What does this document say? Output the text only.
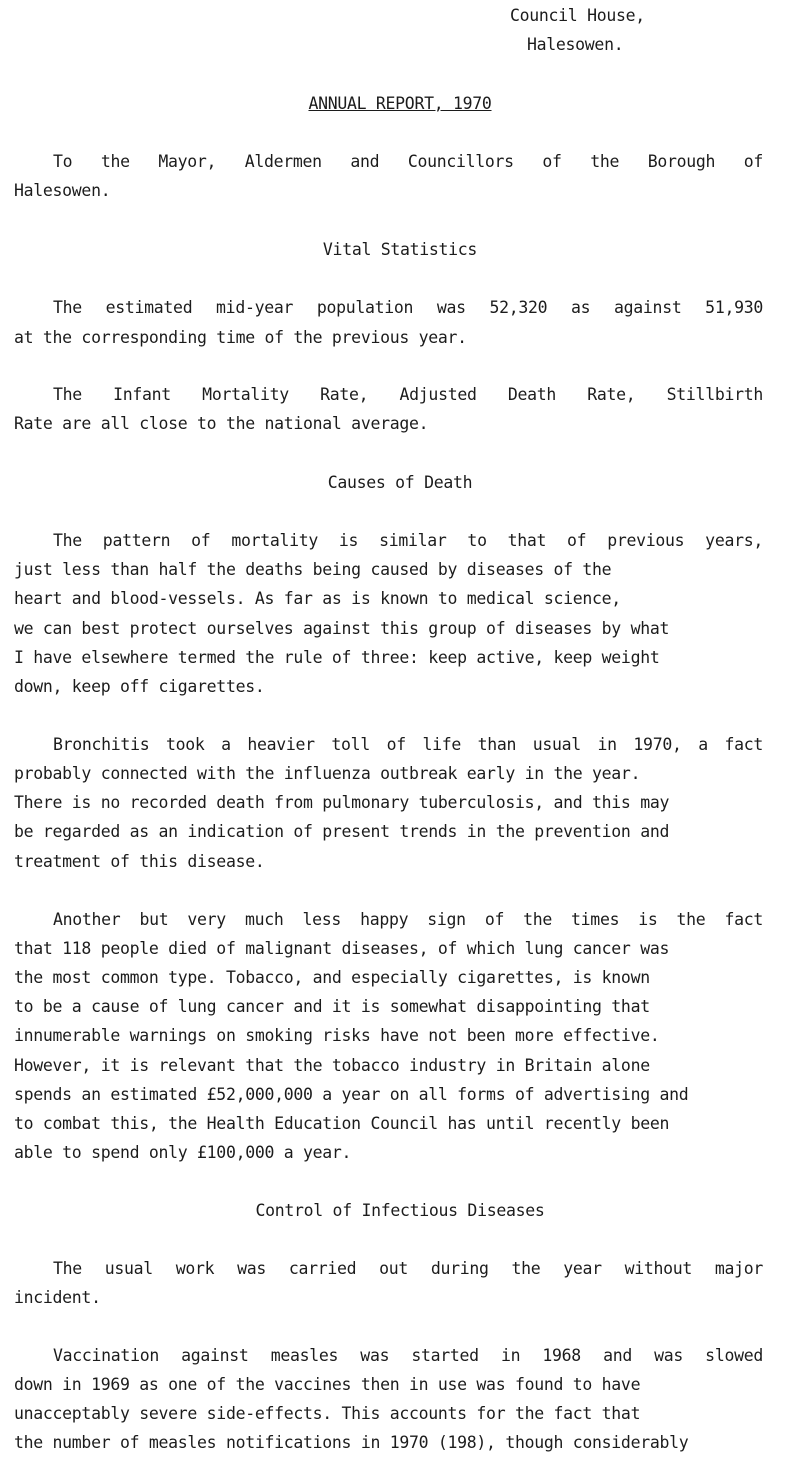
Council House,
Halesowen.
ANNUAL REPORT, 1970
To the Mayor, Aldermen and Councillors of the Borough of
Halesowen.
Vital Statistics
The estimated mid-year population was 52,320 as against 51,930
at the corresponding time of the previous year.
The Infant Mortality Rate, Adjusted Death Rate, Stillbirth
Rate are all close to the national average.
Causes of Death
The pattern of mortality is similar to that of previous years,
just less than half the deaths being caused by diseases of the
heart and blood-vessels. As far as is known to medical science,
we can best protect ourselves against this group of diseases by what
I have elsewhere termed the rule of three: keep active, keep weight
down, keep off cigarettes.
Bronchitis took a heavier toll of life than usual in 1970, a fact
probably connected with the influenza outbreak early in the year.
There is no recorded death from pulmonary tuberculosis, and this may
be regarded as an indication of present trends in the prevention and
treatment of this disease.
Another but very much less happy sign of the times is the fact
that 118 people died of malignant diseases, of which lung cancer was
the most common type. Tobacco, and especially cigarettes, is known
to be a cause of lung cancer and it is somewhat disappointing that
innumerable warnings on smoking risks have not been more effective.
However, it is relevant that the tobacco industry in Britain alone
spends an estimated £52,000,000 a year on all forms of advertising and
to combat this, the Health Education Council has until recently been
able to spend only £100,000 a year.
Control of Infectious Diseases
The usual work was carried out during the year without major
incident.
Vaccination against measles was started in 1968 and was slowed
down in 1969 as one of the vaccines then in use was found to have
unacceptably severe side-effects. This accounts for the fact that
the number of measles notifications in 1970 (198), though considerably
